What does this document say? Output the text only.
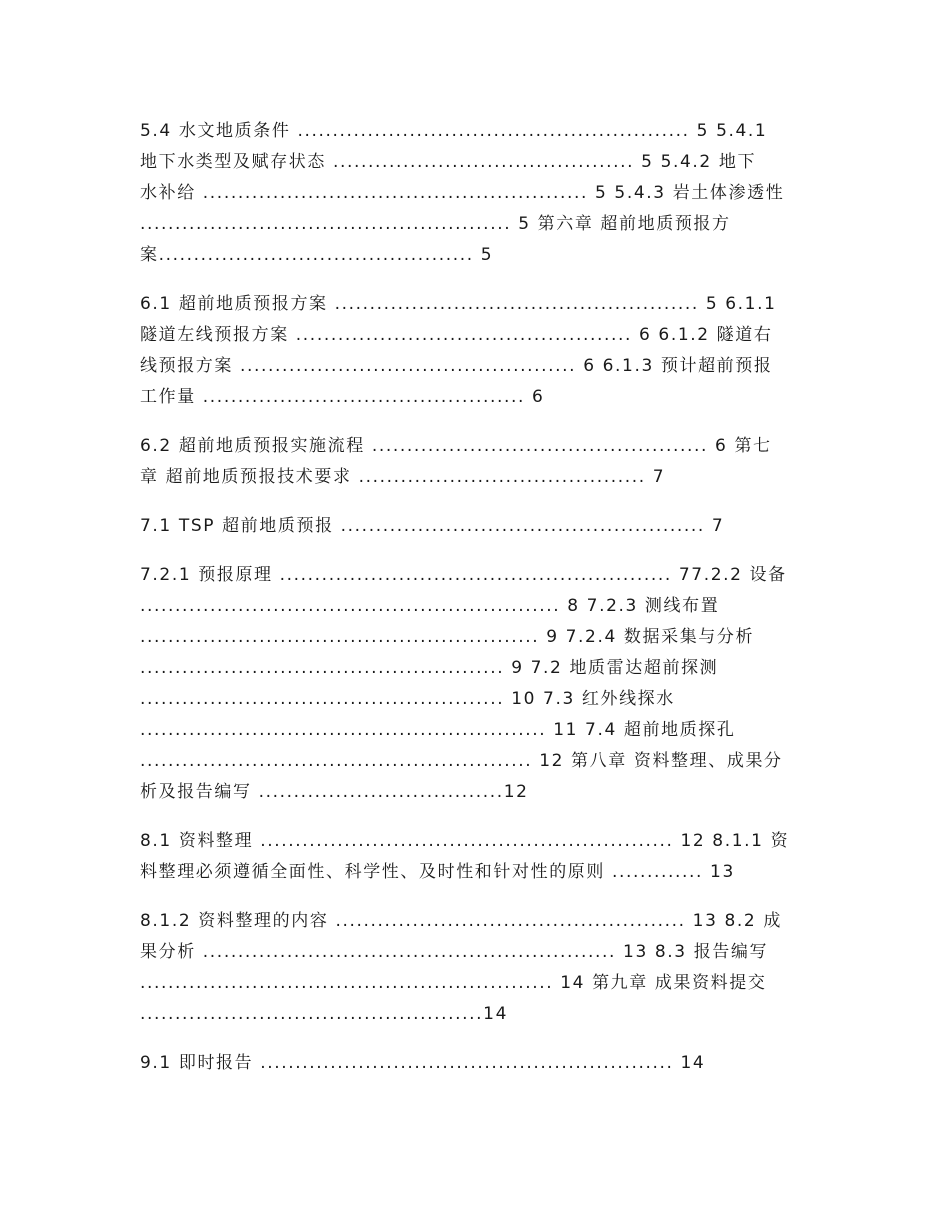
5.4 水文地质条件 ........................................................ 5 5.4.1
地下水类型及赋存状态 ........................................... 5 5.4.2 地下
水补给 ....................................................... 5 5.4.3 岩土体渗透性
..................................................... 5 第六章 超前地质预报方
案............................................. 5
6.1 超前地质预报方案 .................................................... 5 6.1.1
隧道左线预报方案 ................................................ 6 6.1.2 隧道右
线预报方案 ................................................ 6 6.1.3 预计超前预报
工作量 .............................................. 6
6.2 超前地质预报实施流程 ................................................ 6 第七
章 超前地质预报技术要求 ......................................... 7
7.1 TSP 超前地质预报 .................................................... 7
7.2.1 预报原理 ........................................................ 77.2.2 设备
............................................................ 8 7.2.3 测线布置
......................................................... 9 7.2.4 数据采集与分析
.................................................... 9 7.2 地质雷达超前探测
.................................................... 10 7.3 红外线探水
.......................................................... 11 7.4 超前地质探孔
........................................................ 12 第八章 资料整理、成果分
析及报告编写 ...................................12
8.1 资料整理 ........................................................... 12 8.1.1 资
料整理必须遵循全面性、科学性、及时性和针对性的原则 ............. 13
8.1.2 资料整理的内容 .................................................. 13 8.2 成
果分析 ........................................................... 13 8.3 报告编写
........................................................... 14 第九章 成果资料提交
.................................................14
9.1 即时报告 ........................................................... 14
